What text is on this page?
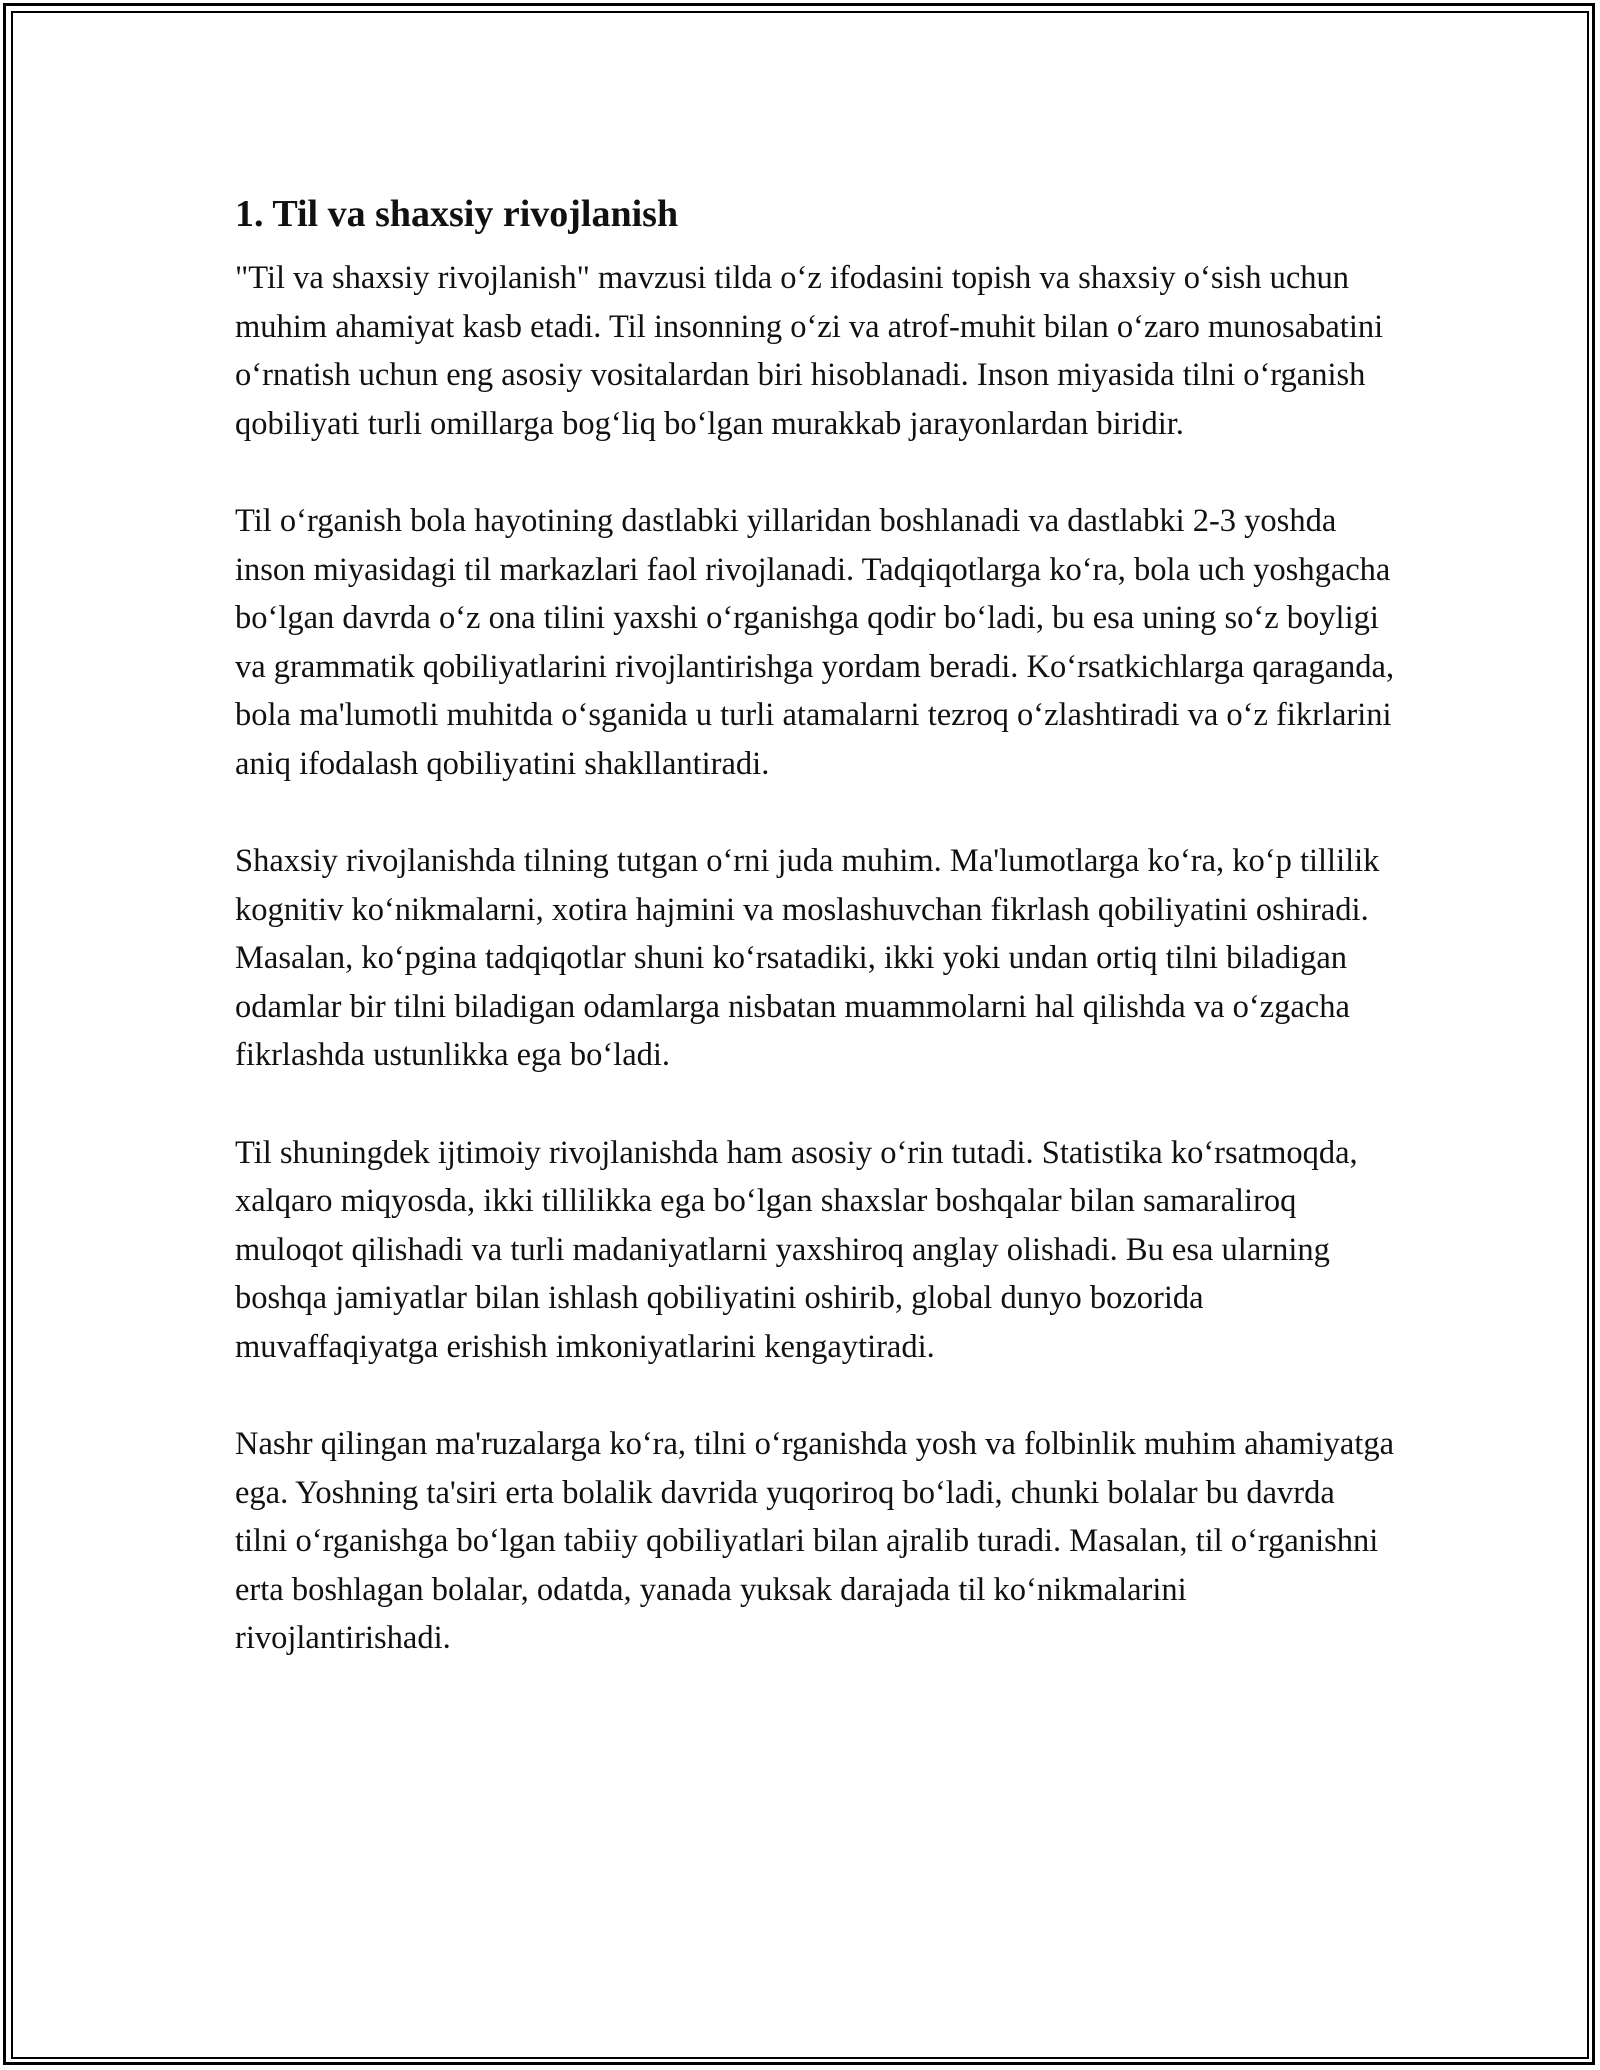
1. Til va shaxsiy rivojlanish

"Til va shaxsiy rivojlanish" mavzusi tilda o‘z ifodasini topish va shaxsiy o‘sish uchun muhim ahamiyat kasb etadi. Til insonning o‘zi va atrof-muhit bilan o‘zaro munosabatini o‘rnatish uchun eng asosiy vositalardan biri hisoblanadi. Inson miyasida tilni o‘rganish qobiliyati turli omillarga bog‘liq bo‘lgan murakkab jarayonlardan biridir.

Til o‘rganish bola hayotining dastlabki yillaridan boshlanadi va dastlabki 2-3 yoshda inson miyasidagi til markazlari faol rivojlanadi. Tadqiqotlarga ko‘ra, bola uch yoshgacha bo‘lgan davrda o‘z ona tilini yaxshi o‘rganishga qodir bo‘ladi, bu esa uning so‘z boyligi va grammatik qobiliyatlarini rivojlantirishga yordam beradi. Ko‘rsatkichlarga qaraganda, bola ma'lumotli muhitda o‘sganida u turli atamalarni tezroq o‘zlashtiradi va o‘z fikrlarini aniq ifodalash qobiliyatini shakllantiradi.

Shaxsiy rivojlanishda tilning tutgan o‘rni juda muhim. Ma'lumotlarga ko‘ra, ko‘p tillilik kognitiv ko‘nikmalarni, xotira hajmini va moslashuvchan fikrlash qobiliyatini oshiradi. Masalan, ko‘pgina tadqiqotlar shuni ko‘rsatadiki, ikki yoki undan ortiq tilni biladigan odamlar bir tilni biladigan odamlarga nisbatan muammolarni hal qilishda va o‘zgacha fikrlashda ustunlikka ega bo‘ladi.

Til shuningdek ijtimoiy rivojlanishda ham asosiy o‘rin tutadi. Statistika ko‘rsatmoqda, xalqaro miqyosda, ikki tillilikka ega bo‘lgan shaxslar boshqalar bilan samaraliroq muloqot qilishadi va turli madaniyatlarni yaxshiroq anglay olishadi. Bu esa ularning boshqa jamiyatlar bilan ishlash qobiliyatini oshirib, global dunyo bozorida muvaffaqiyatga erishish imkoniyatlarini kengaytiradi.

Nashr qilingan ma'ruzalarga ko‘ra, tilni o‘rganishda yosh va folbinlik muhim ahamiyatga ega. Yoshning ta'siri erta bolalik davrida yuqoriroq bo‘ladi, chunki bolalar bu davrda tilni o‘rganishga bo‘lgan tabiiy qobiliyatlari bilan ajralib turadi. Masalan, til o‘rganishni erta boshlagan bolalar, odatda, yanada yuksak darajada til ko‘nikmalarini rivojlantirishadi.
